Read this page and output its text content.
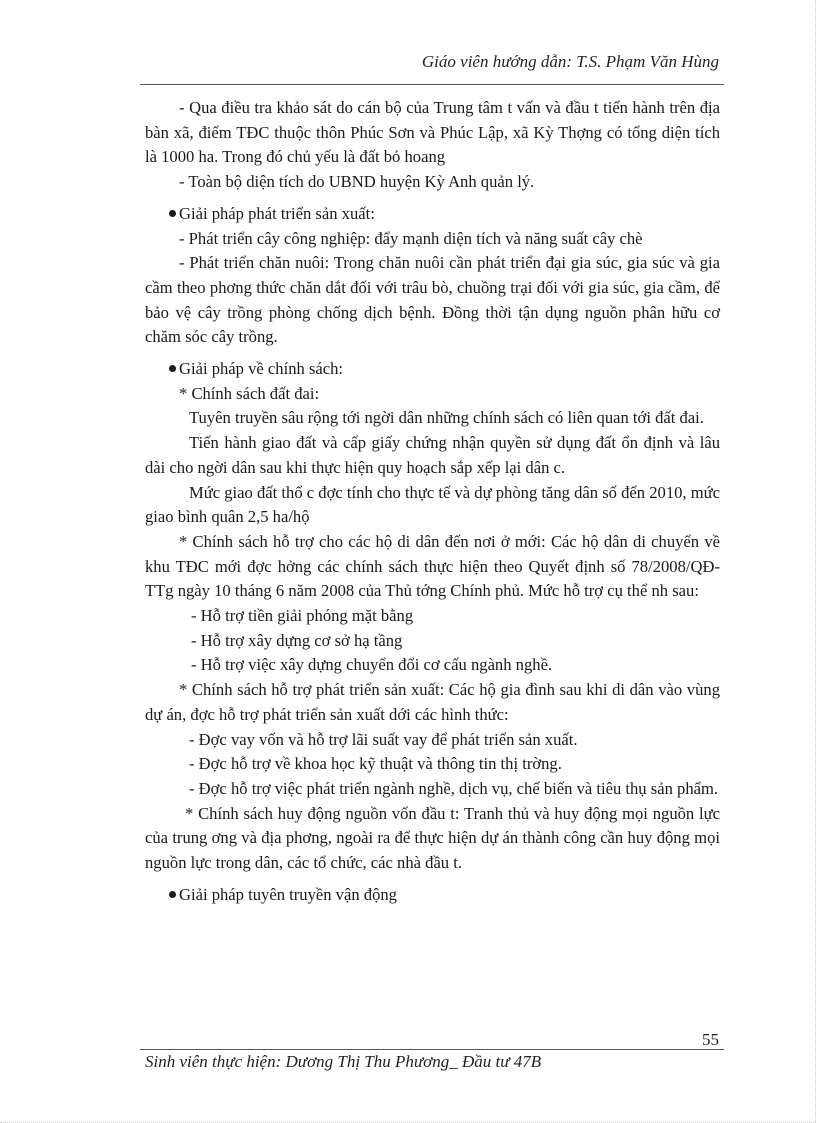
Giáo viên hướng dẫn: T.S. Phạm Văn Hùng

- Qua điều tra khảo sát do cán bộ của Trung tâm t vấn và đầu t tiến hành trên địa bàn xã, điểm TĐC thuộc thôn Phúc Sơn và Phúc Lập, xã Kỳ Thợng có tổng diện tích là 1000 ha. Trong đó chủ yếu là đất bỏ hoang

- Toàn bộ diện tích do UBND huyện Kỳ Anh quản lý.

Giải pháp phát triển sản xuất:

- Phát triển cây công nghiệp: đẩy mạnh diện tích và năng suất cây chè

- Phát triển chăn nuôi: Trong chăn nuôi cần phát triển đại gia súc, gia súc và gia cầm theo phơng thức chăn dắt đối với trâu bò, chuồng trại đối với gia súc, gia cầm, để bảo vệ cây trồng phòng chống dịch bệnh. Đồng thời tận dụng nguồn phân hữu cơ chăm sóc cây trồng.

Giải pháp về chính sách:

* Chính sách đất đai:

Tuyên truyền sâu rộng tới ngời dân những chính sách có liên quan tới đất đai.

Tiến hành giao đất và cấp giấy chứng nhận quyền sử dụng đất ổn định và lâu dài cho ngời dân sau khi thực hiện quy hoạch sắp xếp lại dân c.

Mức giao đất thổ c đợc tính cho thực tế và dự phòng tăng dân số đến 2010, mức giao bình quân 2,5 ha/hộ

* Chính sách hỗ trợ cho các hộ di dân đến nơi ở mới: Các hộ dân di chuyển về khu TĐC mới đợc hởng các chính sách thực hiện theo Quyết định số 78/2008/QĐ-TTg ngày 10 tháng 6 năm 2008 của Thủ tớng Chính phủ. Mức hỗ trợ cụ thể nh sau:

- Hỗ trợ tiền giải phóng mặt bằng

- Hỗ trợ xây dựng cơ sở hạ tầng

- Hỗ trợ việc xây dựng chuyển đổi cơ cấu ngành nghề.

* Chính sách hỗ trợ phát triển sản xuất: Các hộ gia đình sau khi di dân vào vùng dự án, đợc hỗ trợ phát triển sản xuất dới các hình thức:

- Đợc vay vốn và hỗ trợ lãi suất vay để phát triển sản xuất.

- Đợc hỗ trợ về khoa học kỹ thuật và thông tin thị trờng.

- Đợc hỗ trợ việc phát triển ngành nghề, dịch vụ, chế biến và tiêu thụ sản phẩm.

* Chính sách huy động nguồn vốn đầu t: Tranh thủ và huy động mọi nguồn lực của trung ơng và địa phơng, ngoài ra để thực hiện dự án thành công cần huy động mọi nguồn lực trong dân, các tổ chức, các nhà đầu t.

Giải pháp tuyên truyền vận động

55
Sinh viên thực hiện: Dương Thị Thu Phương_ Đầu tư 47B
